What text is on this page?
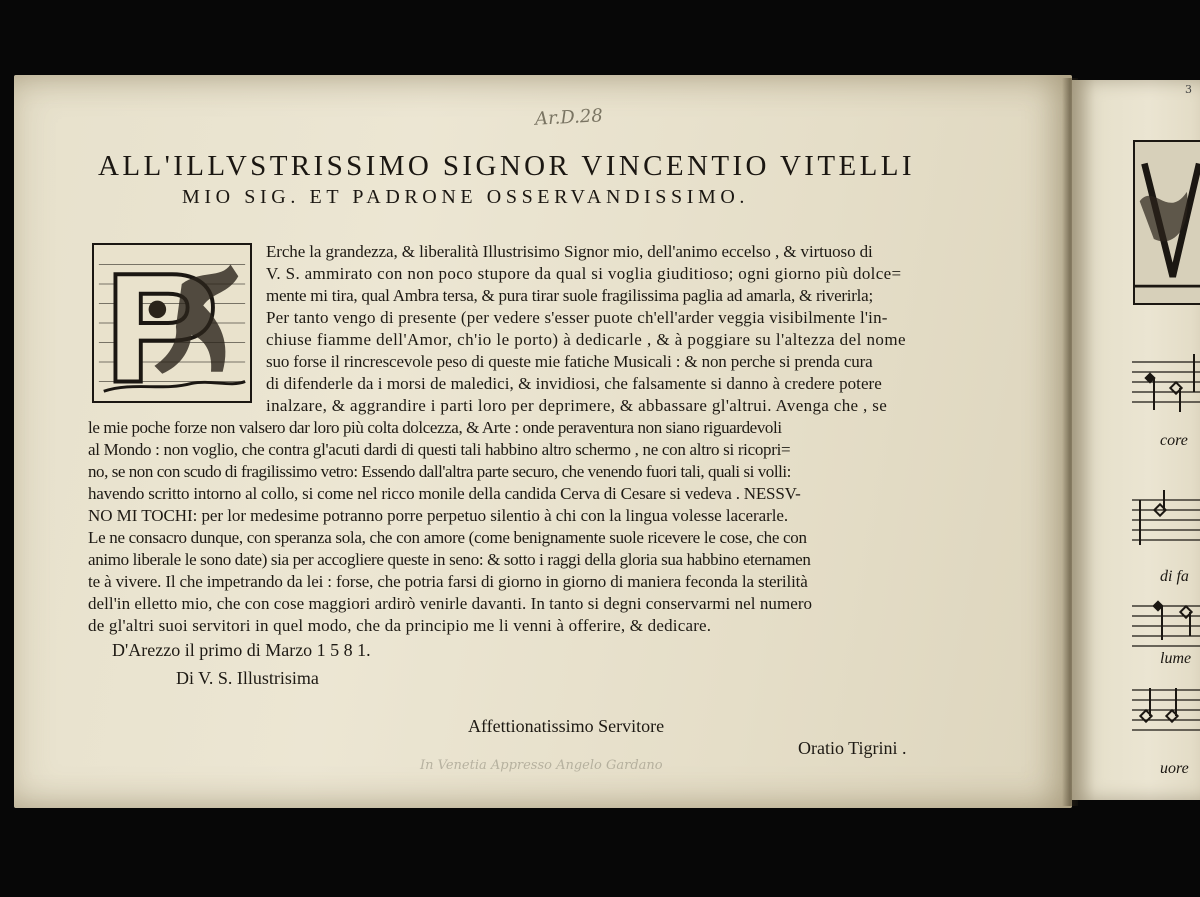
Ar.D.28
ALL'ILLVSTRISSIMO SIGNOR VINCENTIO VITELLI
MIO SIG. ET PADRONE OSSERVANDISSIMO.
Erche la grandezza, & liberalità Illustrisimo Signor mio, dell'animo eccelso , & virtuoso di
V. S. ammirato con non poco stupore da qual si voglia giuditioso; ogni giorno più dolce=
mente mi tira, qual Ambra tersa, & pura tirar suole fragilissima paglia ad amarla, & riverirla;
Per tanto vengo di presente (per vedere s'esser puote ch'ell'arder veggia visibilmente l'in-
chiuse fiamme dell'Amor, ch'io le porto) à dedicarle , & à poggiare su l'altezza del nome
suo forse il rincrescevole peso di queste mie fatiche Musicali : & non perche si prenda cura
di difenderle da i morsi de maledici, & invidiosi, che falsamente si danno à credere potere
inalzare, & aggrandire i parti loro per deprimere, & abbassare gl'altrui. Avenga che , se
le mie poche forze non valsero dar loro più colta dolcezza, & Arte : onde peraventura non siano riguardevoli
al Mondo : non voglio, che contra gl'acuti dardi di questi tali habbino altro schermo , ne con altro si ricopri=
no, se non con scudo di fragilissimo vetro: Essendo dall'altra parte securo, che venendo fuori tali, quali si volli:
havendo scritto intorno al collo, si come nel ricco monile della candida Cerva di Cesare si vedeva . NESSV-
NO MI TOCHI: per lor medesime potranno porre perpetuo silentio à chi con la lingua volesse lacerarle.
Le ne consacro dunque, con speranza sola, che con amore (come benignamente suole ricevere le cose, che con
animo liberale le sono date) sia per accogliere queste in seno: & sotto i raggi della gloria sua habbino eternamen
te à vivere. Il che impetrando da lei : forse, che potria farsi di giorno in giorno di maniera feconda la sterilità
dell'in elletto mio, che con cose maggiori ardirò venirle davanti. In tanto si degni conservarmi nel numero
de gl'altri suoi servitori in quel modo, che da principio me li venni à offerire, & dedicare.
D'Arezzo il primo di Marzo 1 5 8 1.
Di V. S. Illustrisima
Affettionatissimo Servitore
Oratio Tigrini .
In Venetia Appresso Angelo Gardano
3
core
di fa
lume
uore
